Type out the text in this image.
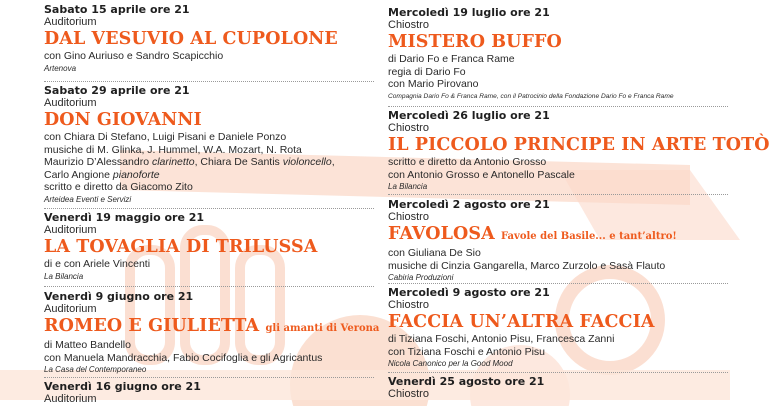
Sabato 15 aprile ore 21
Auditorium
DAL VESUVIO AL CUPOLONE
con Gino Auriuso e Sandro Scapicchio
Artenova
Sabato 29 aprile ore 21
Auditorium
DON GIOVANNI
con Chiara Di Stefano, Luigi Pisani e Daniele Ponzo
musiche di M. Glinka, J. Hummel, W.A. Mozart, N. Rota
Maurizio D’Alessandro clarinetto, Chiara De Santis violoncello,
Carlo Angione pianoforte
scritto e diretto da Giacomo Zito
Arteidea Eventi e Servizi
Venerdì 19 maggio ore 21
Auditorium
LA TOVAGLIA DI TRILUSSA
di e con Ariele Vincenti
La Bilancia
Venerdì 9 giugno ore 21
Auditorium
ROMEO E GIULIETTA gli amanti di Verona
di Matteo Bandello
con Manuela Mandracchia, Fabio Cocifoglia e gli Agricantus
La Casa del Contemporaneo
Venerdì 16 giugno ore 21
Auditorium
Mercoledì 19 luglio ore 21
Chiostro
MISTERO BUFFO
di Dario Fo e Franca Rame
regia di Dario Fo
con Mario Pirovano
Compagnia Dario Fo & Franca Rame, con il Patrocinio della Fondazione Dario Fo e Franca Rame
Mercoledì 26 luglio ore 21
Chiostro
IL PICCOLO PRINCIPE IN ARTE TOTÒ
scritto e diretto da Antonio Grosso
con Antonio Grosso e Antonello Pascale
La Bilancia
Mercoledì 2 agosto ore 21
Chiostro
FAVOLOSA Favole del Basile... e tant’altro!
con Giuliana De Sio
musiche di Cinzia Gangarella, Marco Zurzolo e Sasà Flauto
Cabiria Produzioni
Mercoledì 9 agosto ore 21
Chiostro
FACCIA UN’ALTRA FACCIA
di Tiziana Foschi, Antonio Pisu, Francesca Zanni
con Tiziana Foschi e Antonio Pisu
Nicola Canonico per la Good Mood
Venerdì 25 agosto ore 21
Chiostro
